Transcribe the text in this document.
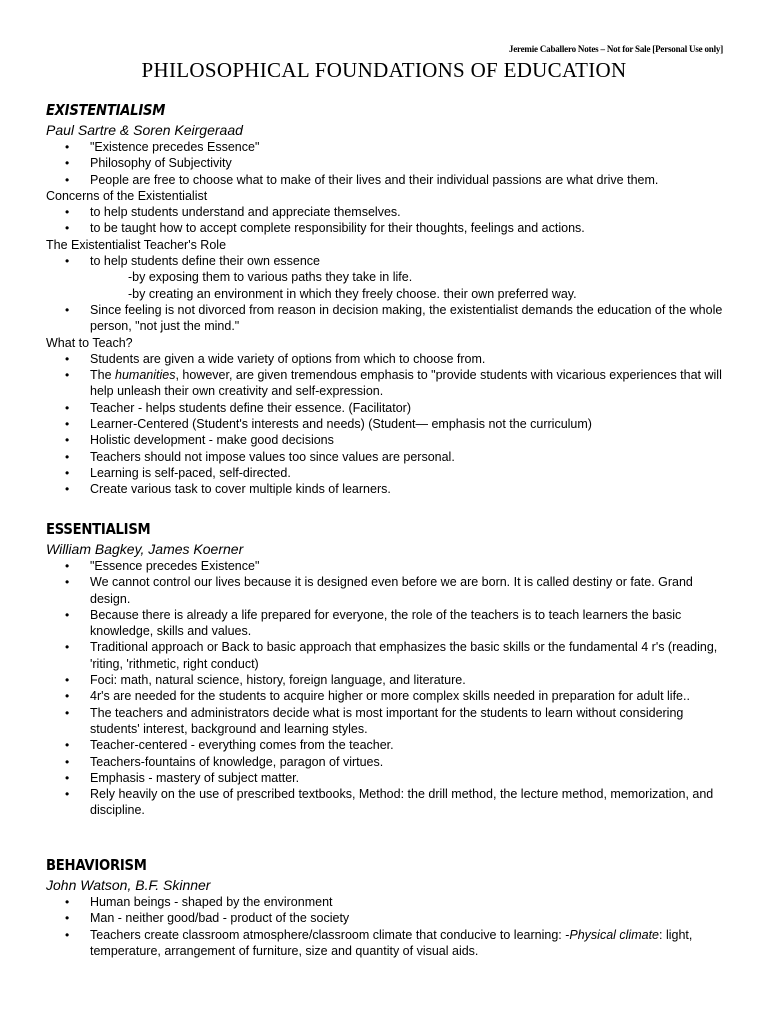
Jeremie Caballero Notes – Not for Sale [Personal Use only]
PHILOSOPHICAL FOUNDATIONS OF EDUCATION
EXISTENTIALISM
Paul Sartre & Soren Keirgeraad
• "Existence precedes Essence"
• Philosophy of Subjectivity
• People are free to choose what to make of their lives and their individual passions are what drive them.

Concerns of the Existentialist

• to help students understand and appreciate themselves.
• to be taught how to accept complete responsibility for their thoughts, feelings and actions.

The Existentialist Teacher's Role

• to help students define their own essence

-by exposing them to various paths they take in life.

-by creating an environment in which they freely choose. their own preferred way.

• Since feeling is not divorced from reason in decision making, the existentialist demands the education of the whole person, "not just the mind."

What to Teach?

• Students are given a wide variety of options from which to choose from.
• The humanities, however, are given tremendous emphasis to "provide students with vicarious experiences that will help unleash their own creativity and self-expression.
• Teacher - helps students define their essence. (Facilitator)
• Learner-Centered (Student's interests and needs) (Student— emphasis not the curriculum)
• Holistic development - make good decisions
• Teachers should not impose values too since values are personal.
• Learning is self-paced, self-directed.
• Create various task to cover multiple kinds of learners.
ESSENTIALISM
William Bagkey, James Koerner
• "Essence precedes Existence"
• We cannot control our lives because it is designed even before we are born. It is called destiny or fate. Grand design.
• Because there is already a life prepared for everyone, the role of the teachers is to teach learners the basic knowledge, skills and values.
• Traditional approach or Back to basic approach that emphasizes the basic skills or the fundamental 4 r's (reading, 'riting, 'rithmetic, right conduct)
• Foci: math, natural science, history, foreign language, and literature.
• 4r's are needed for the students to acquire higher or more complex skills needed in preparation for adult life..
• The teachers and administrators decide what is most important for the students to learn without considering students' interest, background and learning styles.
• Teacher-centered - everything comes from the teacher.
• Teachers-fountains of knowledge, paragon of virtues.
• Emphasis - mastery of subject matter.
• Rely heavily on the use of prescribed textbooks, Method: the drill method, the lecture method, memorization, and discipline.
BEHAVIORISM
John Watson, B.F. Skinner
• Human beings - shaped by the environment
• Man - neither good/bad - product of the society
• Teachers create classroom atmosphere/classroom climate that conducive to learning: -Physical climate: light, temperature, arrangement of furniture, size and quantity of visual aids.
